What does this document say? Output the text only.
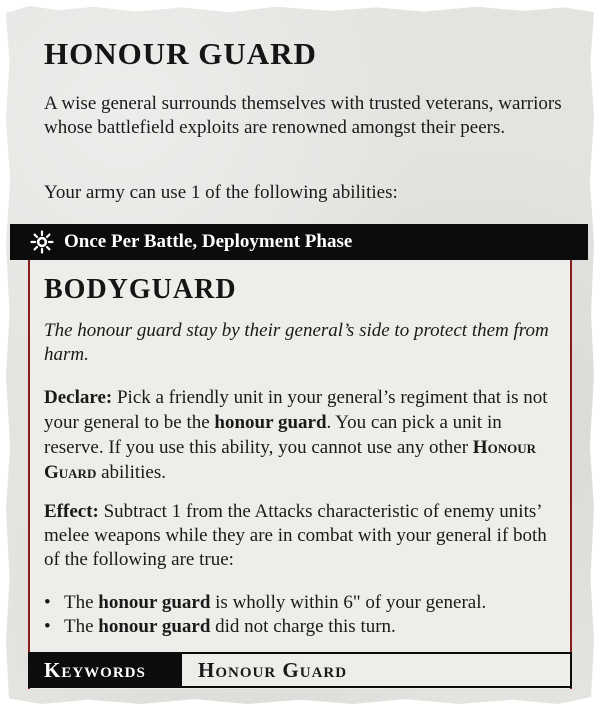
HONOUR GUARD

A wise general surrounds themselves with trusted veterans, warriors whose battlefield exploits are renowned amongst their peers.

Your army can use 1 of the following abilities:

Once Per Battle, Deployment Phase
BODYGUARD

The honour guard stay by their general’s side to protect them from harm.

Declare: Pick a friendly unit in your general’s regiment that is not your general to be the honour guard. You can pick a unit in reserve. If you use this ability, you cannot use any other Honour Guard abilities.

Effect: Subtract 1 from the Attacks characteristic of enemy units’ melee weapons while they are in combat with your general if both of the following are true:

• The honour guard is wholly within 6" of your general.
• The honour guard did not charge this turn.
Keywords	Honour Guard
